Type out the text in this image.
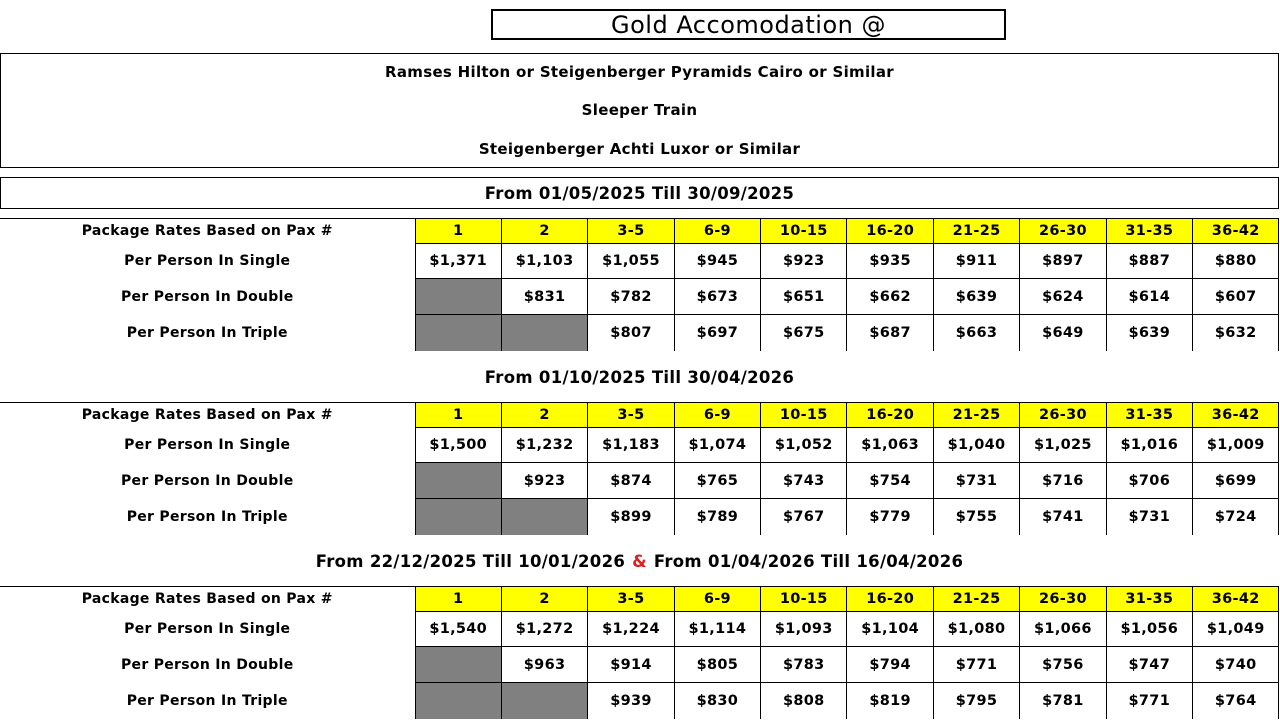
Gold Accomodation @
Ramses Hilton or Steigenberger Pyramids Cairo or Similar
Sleeper Train
Steigenberger Achti Luxor or Similar
From 01/05/2025 Till 30/09/2025
Package Rates Based on Pax #	1	2	3-5	6-9	10-15	16-20	21-25	26-30	31-35	36-42
Per Person In Single	$1,371	$1,103	$1,055	$945	$923	$935	$911	$897	$887	$880
Per Person In Double		$831	$782	$673	$651	$662	$639	$624	$614	$607
Per Person In Triple			$807	$697	$675	$687	$663	$649	$639	$632
From 01/10/2025 Till 30/04/2026
Package Rates Based on Pax #	1	2	3-5	6-9	10-15	16-20	21-25	26-30	31-35	36-42
Per Person In Single	$1,500	$1,232	$1,183	$1,074	$1,052	$1,063	$1,040	$1,025	$1,016	$1,009
Per Person In Double		$923	$874	$765	$743	$754	$731	$716	$706	$699
Per Person In Triple			$899	$789	$767	$779	$755	$741	$731	$724
From 22/12/2025 Till 10/01/2026 & From 01/04/2026 Till 16/04/2026
Package Rates Based on Pax #	1	2	3-5	6-9	10-15	16-20	21-25	26-30	31-35	36-42
Per Person In Single	$1,540	$1,272	$1,224	$1,114	$1,093	$1,104	$1,080	$1,066	$1,056	$1,049
Per Person In Double		$963	$914	$805	$783	$794	$771	$756	$747	$740
Per Person In Triple			$939	$830	$808	$819	$795	$781	$771	$764
